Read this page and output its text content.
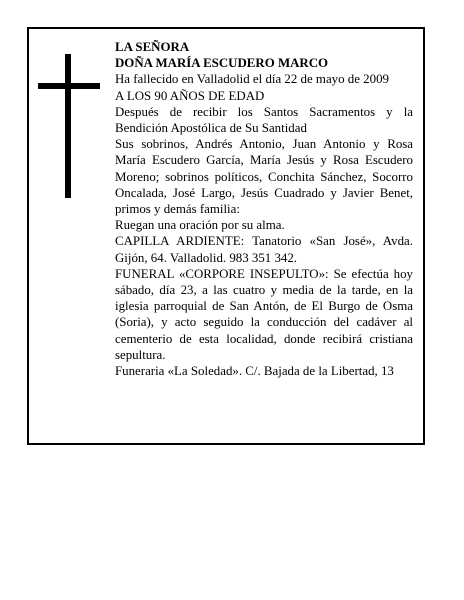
LA SEÑORA

DOÑA MARÍA ESCUDERO MARCO

Ha fallecido en Valladolid el día 22 de mayo de 2009

A LOS 90 AÑOS DE EDAD

Después de recibir los Santos Sacramentos y la Bendición Apostólica de Su Santidad

Sus sobrinos, Andrés Antonio, Juan Antonio y Rosa María Escudero García, María Jesús y Rosa Escudero Moreno; sobrinos políticos, Conchita Sánchez, Socorro Oncalada, José Largo, Jesús Cuadrado y Javier Benet, primos y demás familia:

Ruegan una oración por su alma.

CAPILLA ARDIENTE: Tanatorio «San José», Avda. Gijón, 64. Valladolid. 983 351 342.

FUNERAL «CORPORE INSEPULTO»: Se efectúa hoy sábado, día 23, a las cuatro y media de la tarde, en la iglesia parroquial de San Antón, de El Burgo de Osma (Soria), y acto seguido la conducción del cadáver al cementerio de esta localidad, donde recibirá cristiana sepultura.

Funeraria «La Soledad». C/. Bajada de la Libertad, 13
